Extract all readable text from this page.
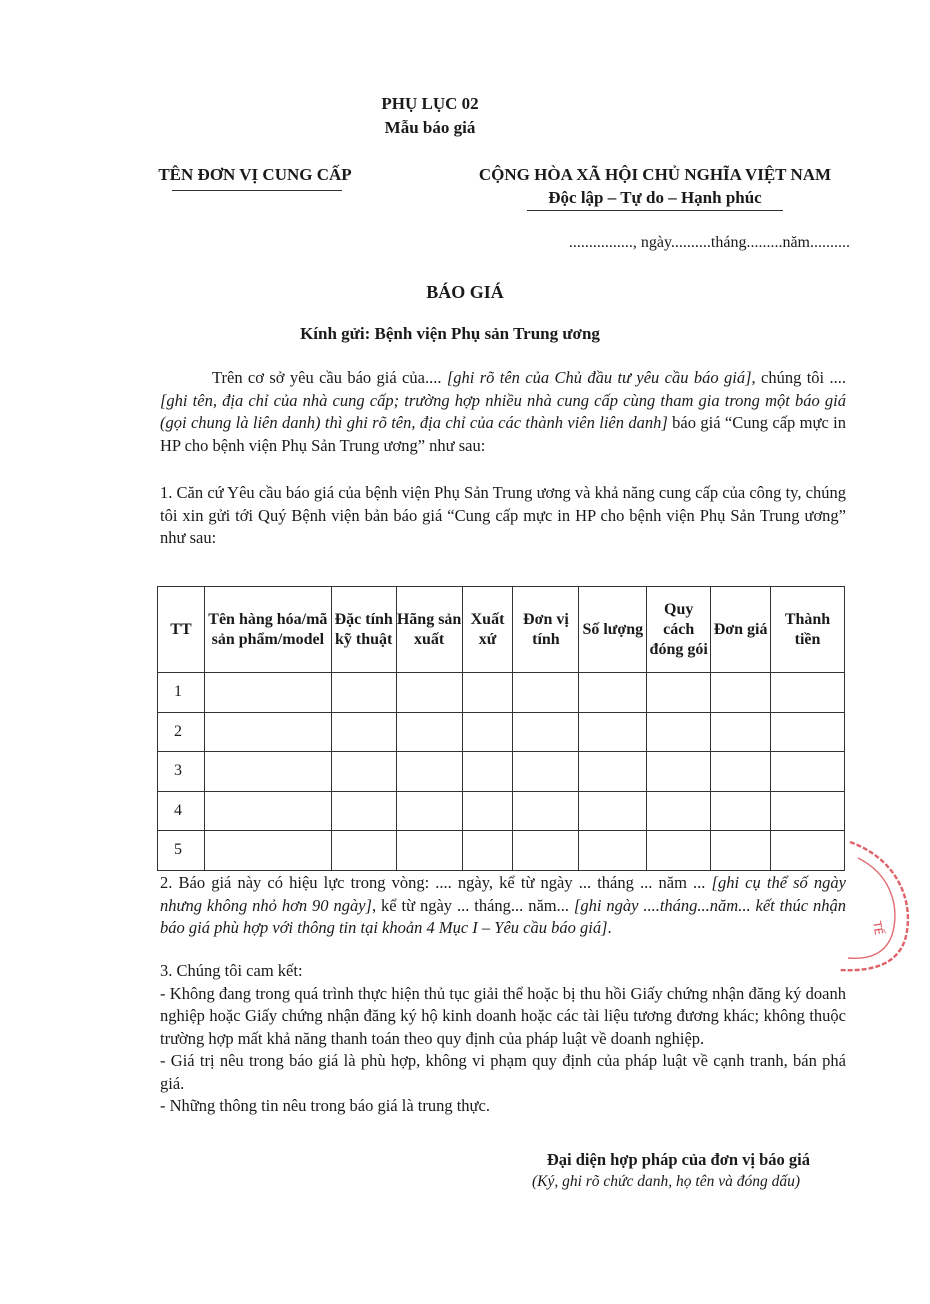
PHỤ LỤC 02
Mẫu báo giá
TÊN ĐƠN VỊ CUNG CẤP	CỘNG HÒA XÃ HỘI CHỦ NGHĨA VIỆT NAM
Độc lập – Tự do – Hạnh phúc
................, ngày..........tháng.........năm..........
BÁO GIÁ
Kính gửi: Bệnh viện Phụ sản Trung ương
Trên cơ sở yêu cầu báo giá của.... [ghi rõ tên của Chủ đầu tư yêu cầu báo giá], chúng tôi .... [ghi tên, địa chỉ của nhà cung cấp; trường hợp nhiều nhà cung cấp cùng tham gia trong một báo giá (gọi chung là liên danh) thì ghi rõ tên, địa chỉ của các thành viên liên danh] báo giá “Cung cấp mực in HP cho bệnh viện Phụ Sản Trung ương” như sau:
1. Căn cứ Yêu cầu báo giá của bệnh viện Phụ Sản Trung ương và khả năng cung cấp của công ty, chúng tôi xin gửi tới Quý Bệnh viện bản báo giá “Cung cấp mực in HP cho bệnh viện Phụ Sản Trung ương” như sau:
TT	Tên hàng hóa/mã sản phẩm/model	Đặc tính kỹ thuật	Hãng sản xuất	Xuất xứ	Đơn vị tính	Số lượng	Quy cách đóng gói	Đơn giá	Thành tiền
1									
2									
3									
4									
5									
2. Báo giá này có hiệu lực trong vòng: .... ngày, kể từ ngày ... tháng ... năm ... [ghi cụ thể số ngày nhưng không nhỏ hơn 90 ngày], kể từ ngày ... tháng... năm... [ghi ngày ....tháng...năm... kết thúc nhận báo giá phù hợp với thông tin tại khoản 4 Mục I – Yêu cầu báo giá].
3. Chúng tôi cam kết:
- Không đang trong quá trình thực hiện thủ tục giải thể hoặc bị thu hồi Giấy chứng nhận đăng ký doanh nghiệp hoặc Giấy chứng nhận đăng ký hộ kinh doanh hoặc các tài liệu tương đương khác; không thuộc trường hợp mất khả năng thanh toán theo quy định của pháp luật về doanh nghiệp.
- Giá trị nêu trong báo giá là phù hợp, không vi phạm quy định của pháp luật về cạnh tranh, bán phá giá.
- Những thông tin nêu trong báo giá là trung thực.
Đại diện hợp pháp của đơn vị báo giá
(Ký, ghi rõ chức danh, họ tên và đóng dấu)
TẾ
